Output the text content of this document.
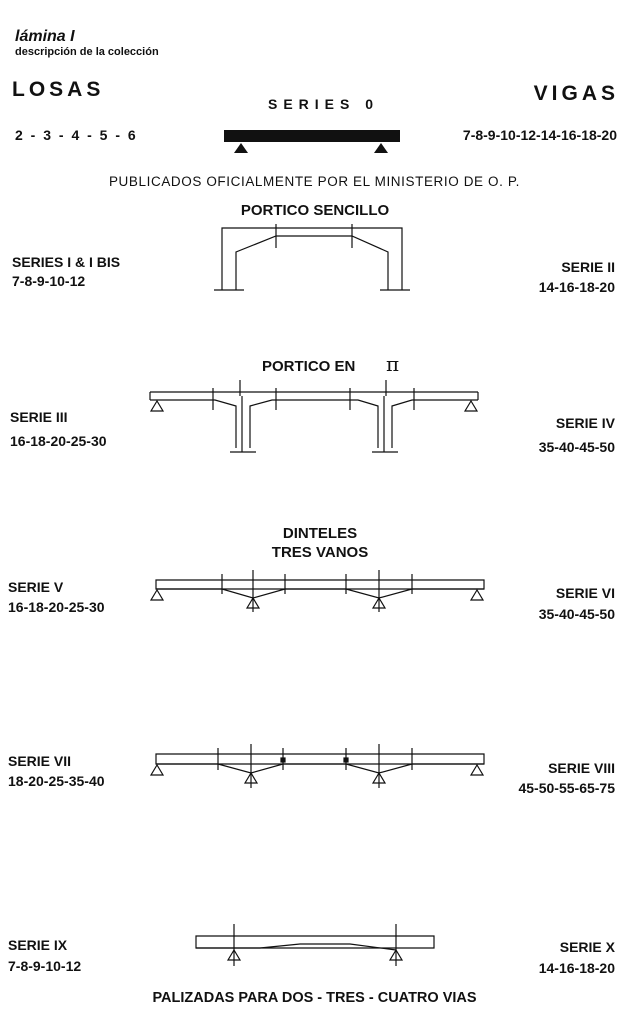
lámina I
descripción de la colección
LOSAS	VIGAS
SERIES 0
2 - 3 - 4 - 5 - 6	7-8-9-10-12-14-16-18-20
PUBLICADOS OFICIALMENTE POR EL MINISTERIO DE O. P.
PORTICO SENCILLO
SERIES I & I BIS
7-8-9-10-12
SERIE II
14-16-18-20
PORTICO EN π
SERIE III
16-18-20-25-30
SERIE IV
35-40-45-50
DINTELES
TRES VANOS
SERIE V
16-18-20-25-30
SERIE VI
35-40-45-50
SERIE VII
18-20-25-35-40
SERIE VIII
45-50-55-65-75
SERIE IX
7-8-9-10-12
SERIE X
14-16-18-20
PALIZADAS PARA DOS - TRES - CUATRO VIAS
